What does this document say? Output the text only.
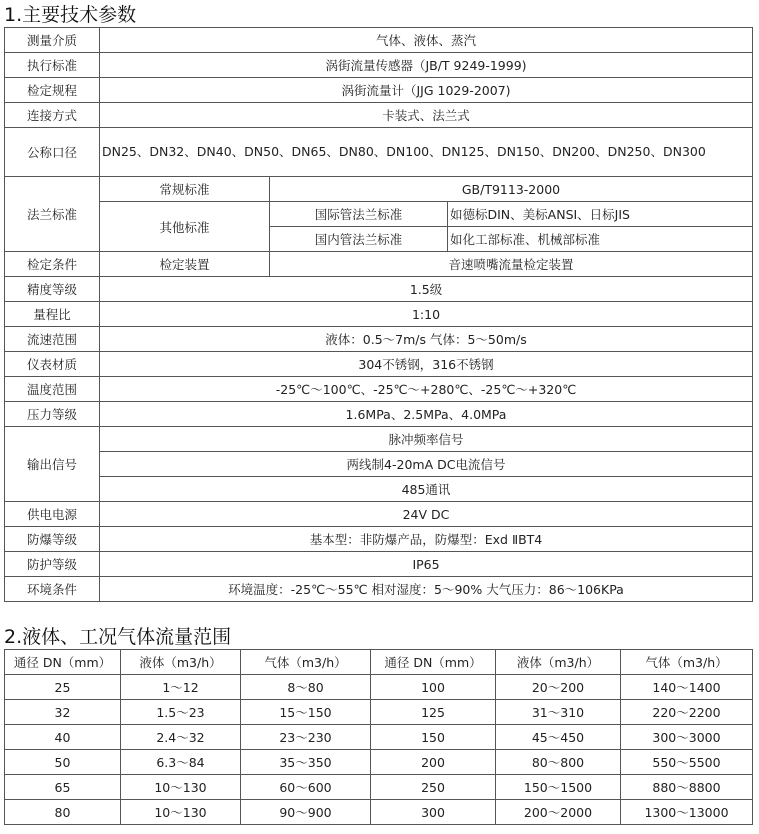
1.主要技术参数
测量介质	气体、液体、蒸汽		
执行标准	涡街流量传感器（JB/T 9249-1999)		
检定规程	涡街流量计（JJG 1029-2007)		
连接方式	卡装式、法兰式		
公称口径	DN25、DN32、DN40、DN50、DN65、DN80、DN100、DN125、DN150、DN200、DN250、DN300		
法兰标准	常规标准	GB/T9113-2000	
	其他标准	国际管法兰标准	如德标DIN、美标ANSI、日标JIS
		国内管法兰标准	如化工部标准、机械部标准
检定条件	检定装置	音速喷嘴流量检定装置	
精度等级	1.5级		
量程比	1:10		
流速范围	液体：0.5～7m/s 气体：5～50m/s		
仪表材质	304不锈钢，316不锈钢		
温度范围	-25℃～100℃、-25℃～+280℃、-25℃～+320℃		
压力等级	1.6MPa、2.5MPa、4.0MPa		
输出信号	脉冲频率信号		
	两线制4-20mA DC电流信号		
	485通讯		
供电电源	24V DC		
防爆等级	基本型：非防爆产品，防爆型：Exd ⅡBT4		
防护等级	IP65		
环境条件	环境温度：-25℃～55℃ 相对湿度：5～90% 大气压力：86～106KPa		
2.液体、工况气体流量范围
通径 DN（mm）	液体（m3/h）	气体（m3/h）	通径 DN（mm）	液体（m3/h）	气体（m3/h）
25	1～12	8～80	100	20～200	140～1400
32	1.5～23	15～150	125	31～310	220～2200
40	2.4～32	23～230	150	45～450	300～3000
50	6.3～84	35～350	200	80～800	550～5500
65	10～130	60～600	250	150～1500	880～8800
80	10～130	90～900	300	200～2000	1300～13000
